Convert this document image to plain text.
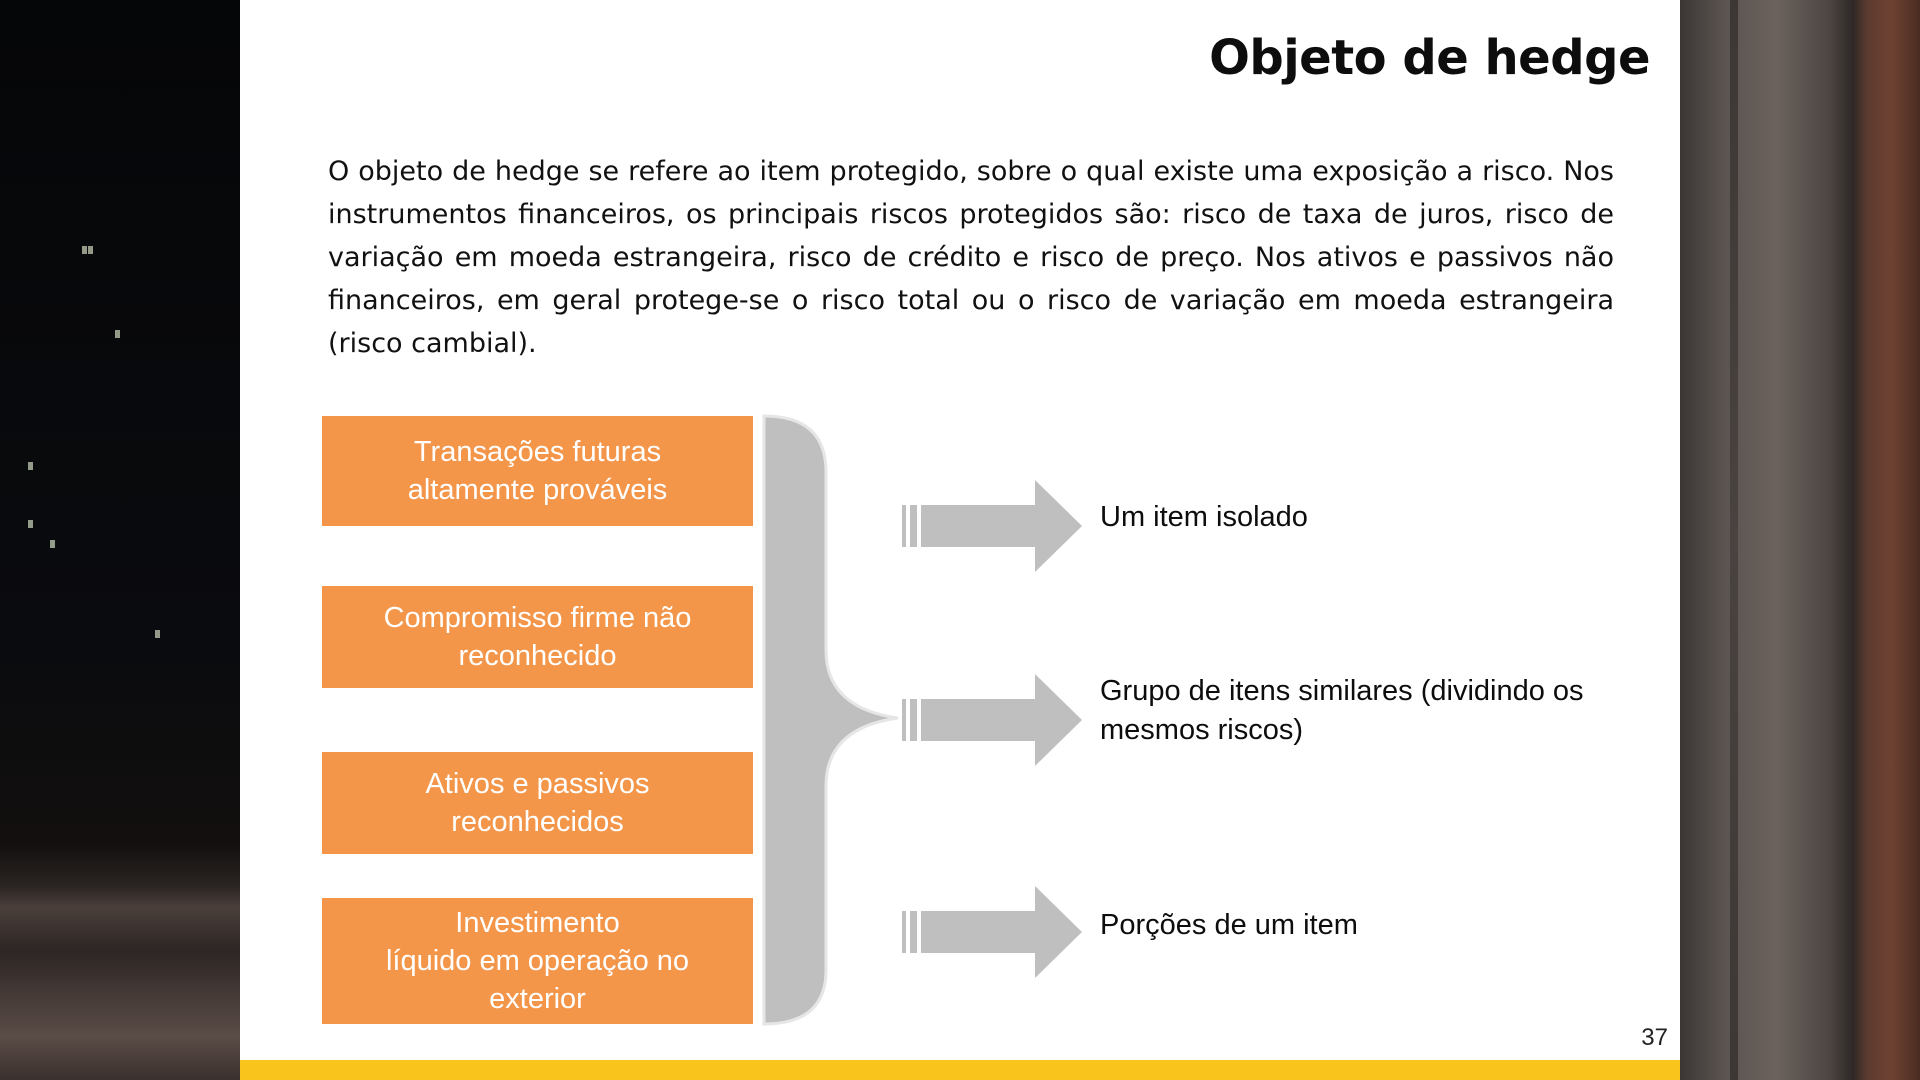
Objeto de hedge

O objeto de hedge se refere ao item protegido, sobre o qual existe uma exposição a risco. Nos instrumentos financeiros, os principais riscos protegidos são: risco de taxa de juros, risco de variação em moeda estrangeira, risco de crédito e risco de preço. Nos ativos e passivos não financeiros, em geral protege-se o risco total ou o risco de variação em moeda estrangeira (risco cambial).

Transações futuras
altamente prováveis
Compromisso firme não
reconhecido
Ativos e passivos
reconhecidos
Investimento
líquido em operação no
exterior

Um item isolado

Grupo de itens similares (dividindo os
mesmos riscos)

Porções de um item

37
